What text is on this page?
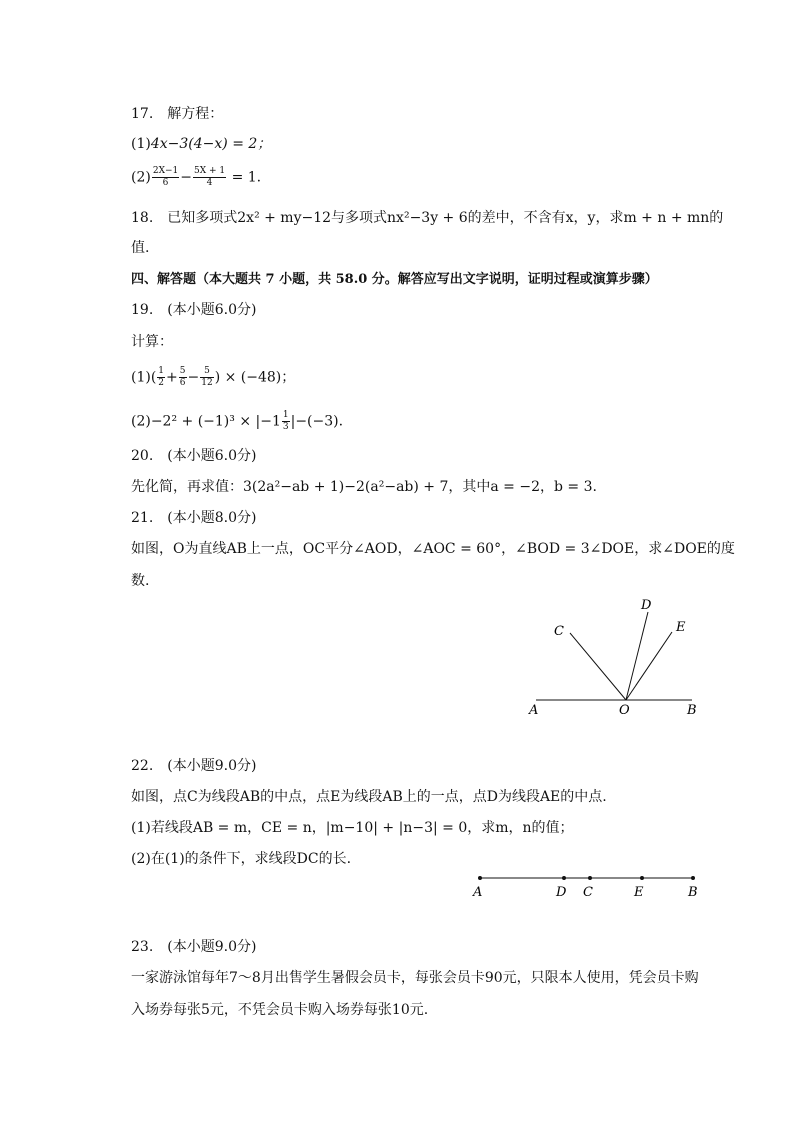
17.　解方程：
(1)4x−3(4−x) = 2；
$(2) \frac{2X-1}{6} - \frac{5X + 1}{4} = 1$.
18.　已知多项式2x² + my−12与多项式nx²−3y + 6的差中，不含有x，y，求m + n + mn的
值.
四、解答题（本大题共 7 小题，共 58.0 分。解答应写出文字说明，证明过程或演算步骤）
19.　(本小题6.0分)
计算：
$(1)( \frac{1}{2} + \frac{5}{6} - \frac{5}{12}$ ) × (−48)；
$(2)-2^2 + (-1)^3 \times |-1 \frac{1}{3} |-(-3)$.
20.　(本小题6.0分)
先化简，再求值：3(2a²−ab + 1)−2(a²−ab) + 7，其中a = −2，b = 3.
21.　(本小题8.0分)
如图，O为直线AB上一点，OC平分∠AOD，∠AOC = 60°，∠BOD = 3∠DOE，求∠DOE的度
数.
A	O	B
C
D
E
22.　(本小题9.0分)
如图，点C为线段AB的中点，点E为线段AB上的一点，点D为线段AE的中点.
(1)若线段AB = m，CE = n，|m−10| + |n−3| = 0，求m，n的值；
(2)在(1)的条件下，求线段DC的长.
A	D C	E	B
23.　(本小题9.0分)
一家游泳馆每年7～8月出售学生暑假会员卡，每张会员卡90元，只限本人使用，凭会员卡购
入场券每张5元，不凭会员卡购入场券每张10元.
